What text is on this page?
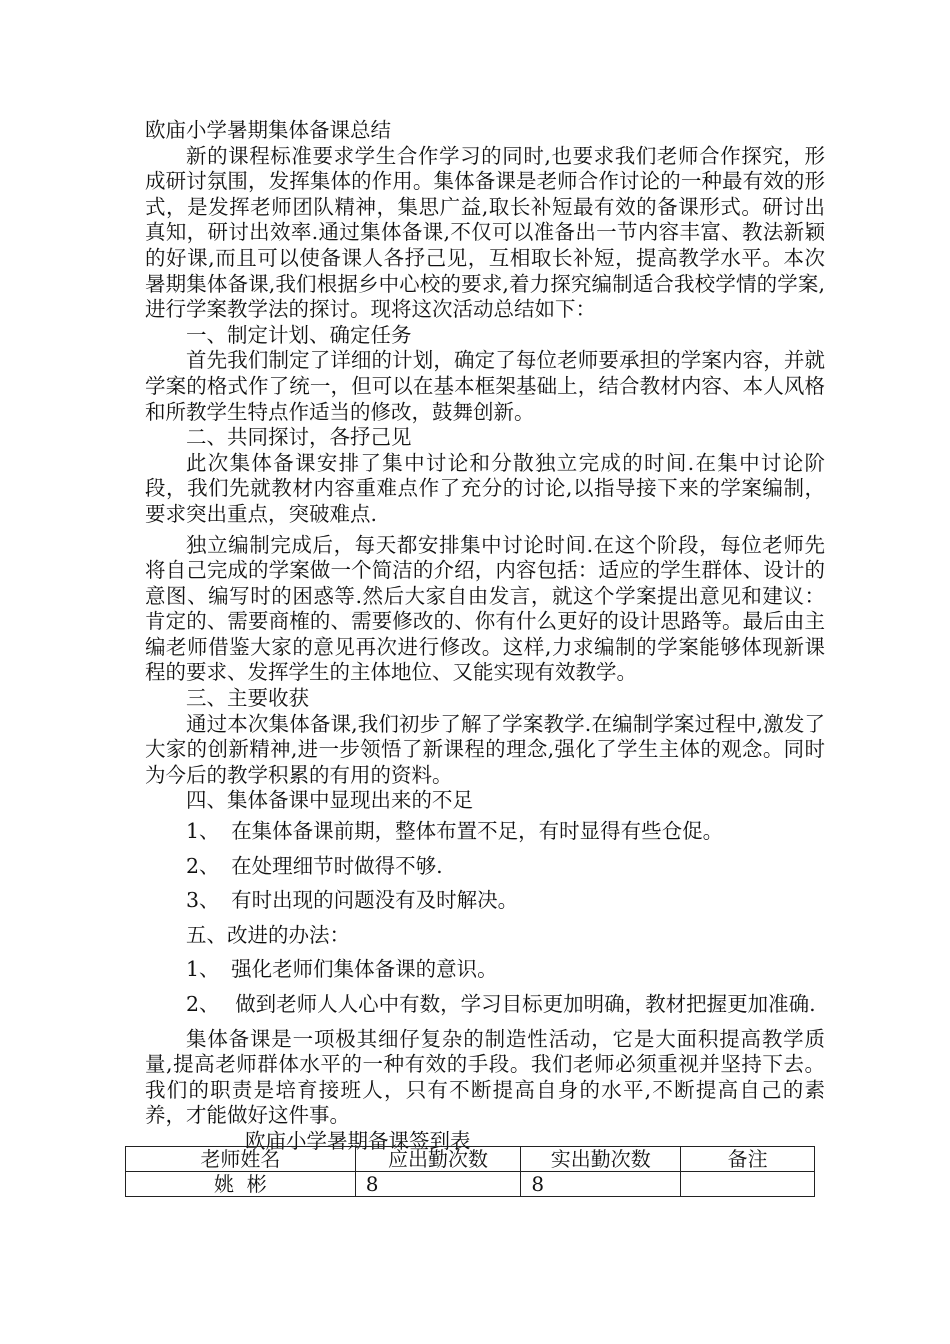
欧庙小学暑期集体备课总结

新的课程标准要求学生合作学习的同时,也要求我们老师合作探究，形成研讨氛围，发挥集体的作用。集体备课是老师合作讨论的一种最有效的形式，是发挥老师团队精神，集思广益,取长补短最有效的备课形式。研讨出真知，研讨出效率.通过集体备课,不仅可以准备出一节内容丰富、教法新颖的好课,而且可以使备课人各抒己见，互相取长补短，提高教学水平。本次暑期集体备课,我们根据乡中心校的要求,着力探究编制适合我校学情的学案,进行学案教学法的探讨。现将这次活动总结如下：

一、制定计划、确定任务

首先我们制定了详细的计划，确定了每位老师要承担的学案内容，并就学案的格式作了统一，但可以在基本框架基础上，结合教材内容、本人风格和所教学生特点作适当的修改，鼓舞创新。

二、共同探讨，各抒己见

此次集体备课安排了集中讨论和分散独立完成的时间.在集中讨论阶段，我们先就教材内容重难点作了充分的讨论,以指导接下来的学案编制，要求突出重点，突破难点.

独立编制完成后，每天都安排集中讨论时间.在这个阶段，每位老师先将自己完成的学案做一个简洁的介绍，内容包括：适应的学生群体、设计的意图、编写时的困惑等.然后大家自由发言，就这个学案提出意见和建议：肯定的、需要商榷的、需要修改的、你有什么更好的设计思路等。最后由主编老师借鉴大家的意见再次进行修改。这样,力求编制的学案能够体现新课程的要求、发挥学生的主体地位、又能实现有效教学。

三、主要收获

通过本次集体备课,我们初步了解了学案教学.在编制学案过程中,激发了大家的创新精神,进一步领悟了新课程的理念,强化了学生主体的观念。同时为今后的教学积累的有用的资料。

四、集体备课中显现出来的不足

1、 在集体备课前期，整体布置不足，有时显得有些仓促。

2、 在处理细节时做得不够.

3、 有时出现的问题没有及时解决。

五、改进的办法：

1、 强化老师们集体备课的意识。

2、 做到老师人人心中有数，学习目标更加明确，教材把握更加准确.

集体备课是一项极其细仔复杂的制造性活动，它是大面积提高教学质量,提高老师群体水平的一种有效的手段。我们老师必须重视并坚持下去。我们的职责是培育接班人，只有不断提高自身的水平,不断提高自己的素养，才能做好这件事。

欧庙小学暑期备课签到表

老师姓名	应出勤次数	实出勤次数	备注
姚  彬	8	8	
